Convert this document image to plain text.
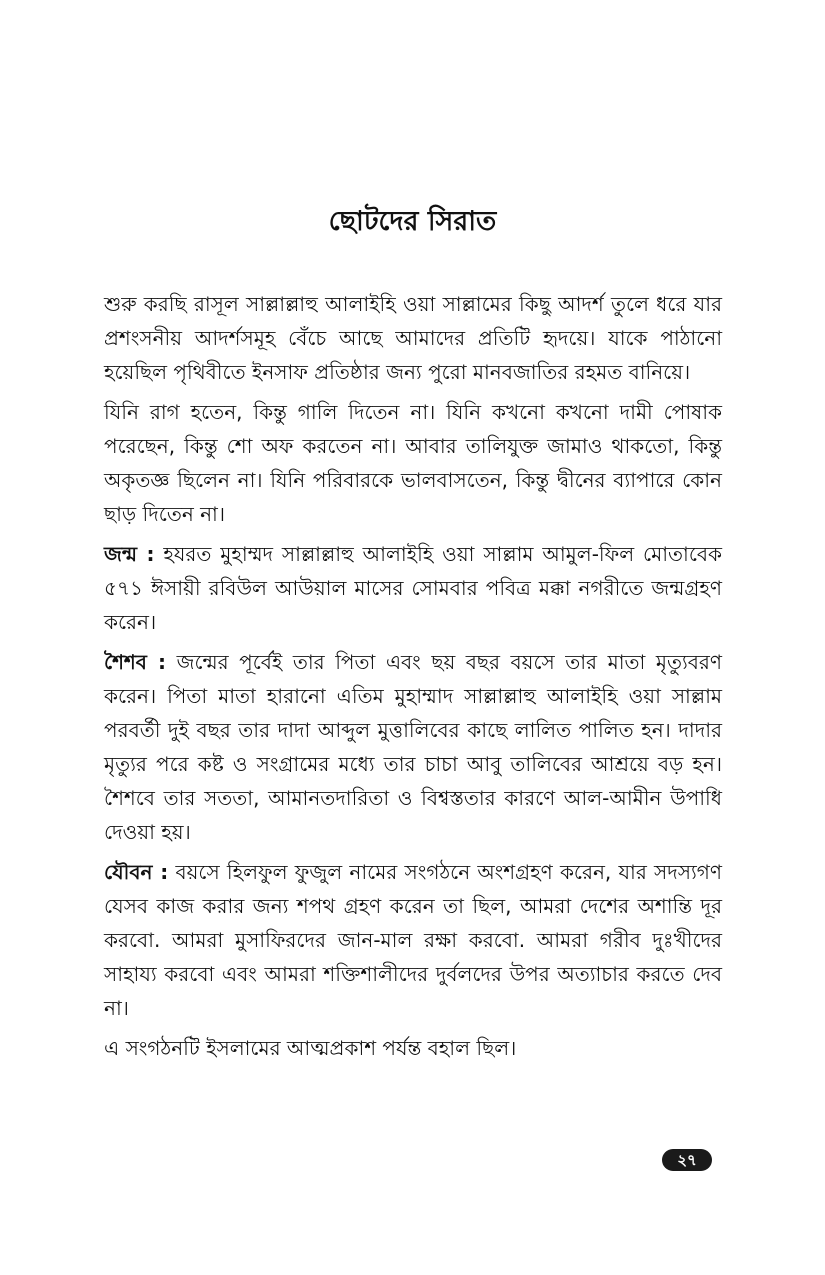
ছোটদের সিরাত

শুরু করছি রাসূল সাল্লাল্লাহু আলাইহি ওয়া সাল্লামের কিছু আদর্শ তুলে ধরে যার প্রশংসনীয় আদর্শসমূহ বেঁচে আছে আমাদের প্রতিটি হৃদয়ে। যাকে পাঠানো হয়েছিল পৃথিবীতে ইনসাফ প্রতিষ্ঠার জন্য পুরো মানবজাতির রহমত বানিয়ে।

যিনি রাগ হতেন, কিন্তু গালি দিতেন না। যিনি কখনো কখনো দামী পোষাক পরেছেন, কিন্তু শো অফ করতেন না। আবার তালিযুক্ত জামাও থাকতো, কিন্তু অকৃতজ্ঞ ছিলেন না। যিনি পরিবারকে ভালবাসতেন, কিন্তু দ্বীনের ব্যাপারে কোন ছাড় দিতেন না।

জন্ম : হযরত মুহাম্মদ সাল্লাল্লাহু আলাইহি ওয়া সাল্লাম আমুল-ফিল মোতাবেক ৫৭১ ঈসায়ী রবিউল আউয়াল মাসের সোমবার পবিত্র মক্কা নগরীতে জন্মগ্রহণ করেন।

শৈশব : জন্মের পূর্বেই তার পিতা এবং ছয় বছর বয়সে তার মাতা মৃত্যুবরণ করেন। পিতা মাতা হারানো এতিম মুহাম্মাদ সাল্লাল্লাহু আলাইহি ওয়া সাল্লাম পরবর্তী দুই বছর তার দাদা আব্দুল মুত্তালিবের কাছে লালিত পালিত হন। দাদার মৃত্যুর পরে কষ্ট ও সংগ্রামের মধ্যে তার চাচা আবু তালিবের আশ্রয়ে বড় হন। শৈশবে তার সততা, আমানতদারিতা ও বিশ্বস্ততার কারণে আল-আমীন উপাধি দেওয়া হয়।

যৌবন : বয়সে হিলফুল ফুজুল নামের সংগঠনে অংশগ্রহণ করেন, যার সদস্যগণ যেসব কাজ করার জন্য শপথ গ্রহণ করেন তা ছিল, আমরা দেশের অশান্তি দূর করবো. আমরা মুসাফিরদের জান-মাল রক্ষা করবো. আমরা গরীব দুঃখীদের সাহায্য করবো এবং আমরা শক্তিশালীদের দুর্বলদের উপর অত্যাচার করতে দেব না।

এ সংগঠনটি ইসলামের আত্মপ্রকাশ পর্যন্ত বহাল ছিল।

২৭
